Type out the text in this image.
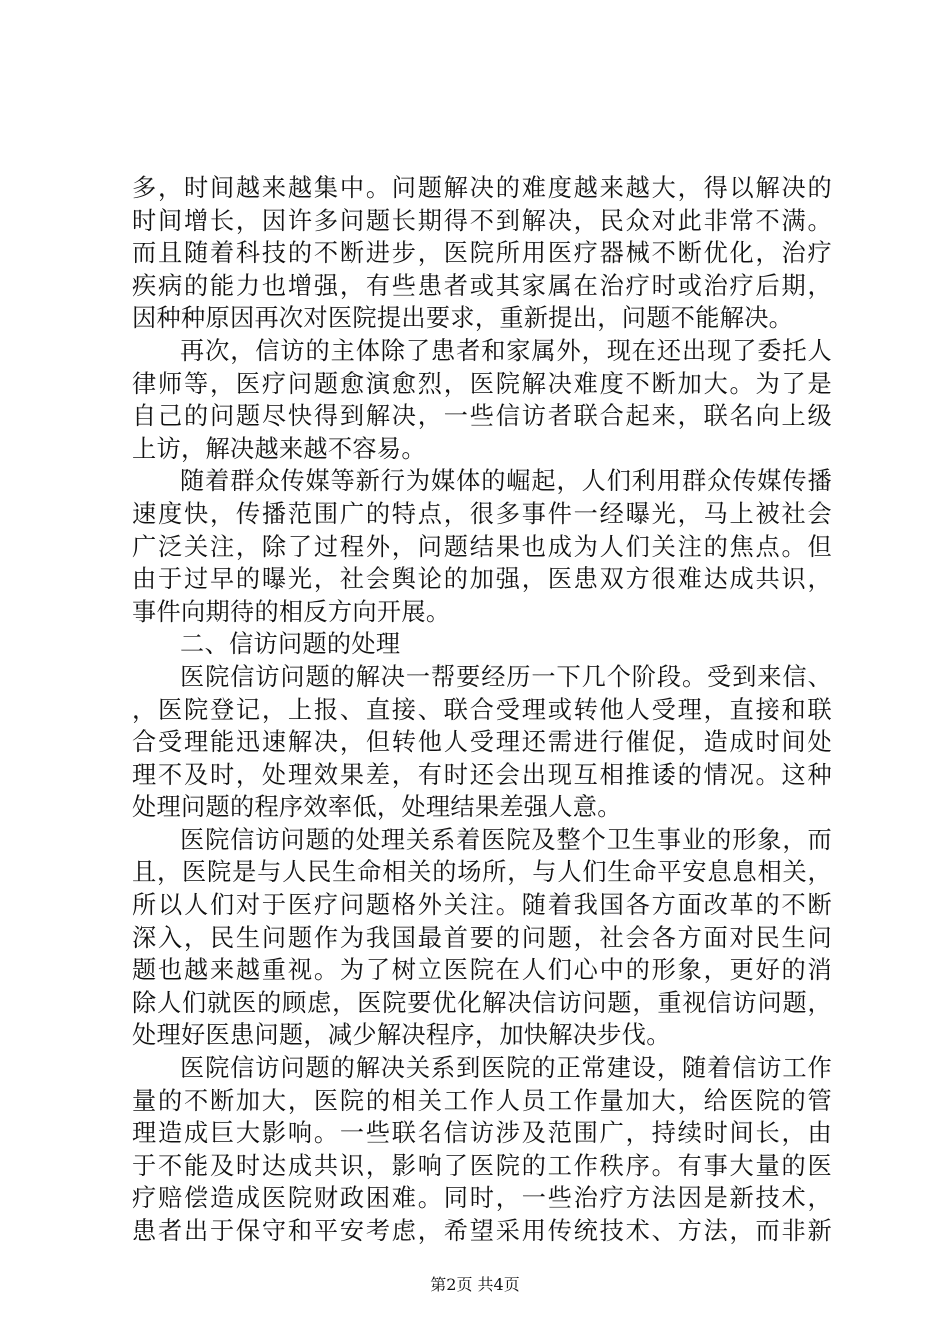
多，时间越来越集中。问题解决的难度越来越大，得以解决的
时间增长，因许多问题长期得不到解决，民众对此非常不满。
而且随着科技的不断进步，医院所用医疗器械不断优化，治疗
疾病的能力也增强，有些患者或其家属在治疗时或治疗后期，
因种种原因再次对医院提出要求，重新提出，问题不能解决。
再次，信访的主体除了患者和家属外，现在还出现了委托人
律师等，医疗问题愈演愈烈，医院解决难度不断加大。为了是
自己的问题尽快得到解决，一些信访者联合起来，联名向上级
上访，解决越来越不容易。
随着群众传媒等新行为媒体的崛起，人们利用群众传媒传播
速度快，传播范围广的特点，很多事件一经曝光，马上被社会
广泛关注，除了过程外，问题结果也成为人们关注的焦点。但
由于过早的曝光，社会舆论的加强，医患双方很难达成共识，
事件向期待的相反方向开展。
二、信访问题的处理
医院信访问题的解决一帮要经历一下几个阶段。受到来信、
，医院登记，上报、直接、联合受理或转他人受理，直接和联
合受理能迅速解决，但转他人受理还需进行催促，造成时间处
理不及时，处理效果差，有时还会出现互相推诿的情况。这种
处理问题的程序效率低，处理结果差强人意。
医院信访问题的处理关系着医院及整个卫生事业的形象，而
且，医院是与人民生命相关的场所，与人们生命平安息息相关，
所以人们对于医疗问题格外关注。随着我国各方面改革的不断
深入，民生问题作为我国最首要的问题，社会各方面对民生问
题也越来越重视。为了树立医院在人们心中的形象，更好的消
除人们就医的顾虑，医院要优化解决信访问题，重视信访问题，
处理好医患问题，减少解决程序，加快解决步伐。
医院信访问题的解决关系到医院的正常建设，随着信访工作
量的不断加大，医院的相关工作人员工作量加大，给医院的管
理造成巨大影响。一些联名信访涉及范围广，持续时间长，由
于不能及时达成共识，影响了医院的工作秩序。有事大量的医
疗赔偿造成医院财政困难。同时，一些治疗方法因是新技术，
患者出于保守和平安考虑，希望采用传统技术、方法，而非新
第2页 共4页
